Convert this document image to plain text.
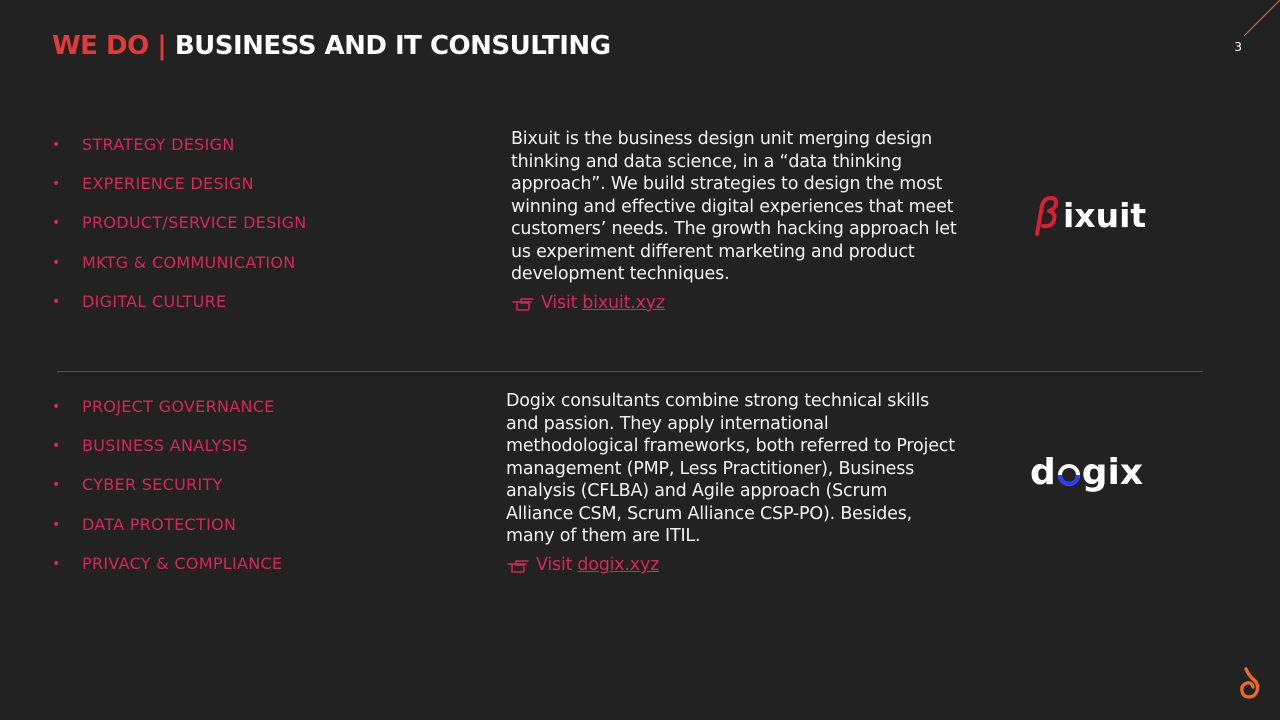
WE DO | BUSINESS AND IT CONSULTING	3
• STRATEGY DESIGN
• EXPERIENCE DESIGN
• PRODUCT/SERVICE DESIGN
• MKTG & COMMUNICATION
• DIGITAL CULTURE
Bixuit is the business design unit merging design thinking and data science, in a “data thinking approach”. We build strategies to design the most winning and effective digital experiences that meet customers’ needs. The growth hacking approach let us experiment different marketing and product development techniques.
Visit bixuit.xyz
ixuit
• PROJECT GOVERNANCE
• BUSINESS ANALYSIS
• CYBER SECURITY
• DATA PROTECTION
• PRIVACY & COMPLIANCE
Dogix consultants combine strong technical skills and passion. They apply international methodological frameworks, both referred to Project management (PMP, Less Practitioner), Business analysis (CFLBA) and Agile approach (Scrum Alliance CSM, Scrum Alliance CSP-PO). Besides, many of them are ITIL.
Visit dogix.xyz
d gix
